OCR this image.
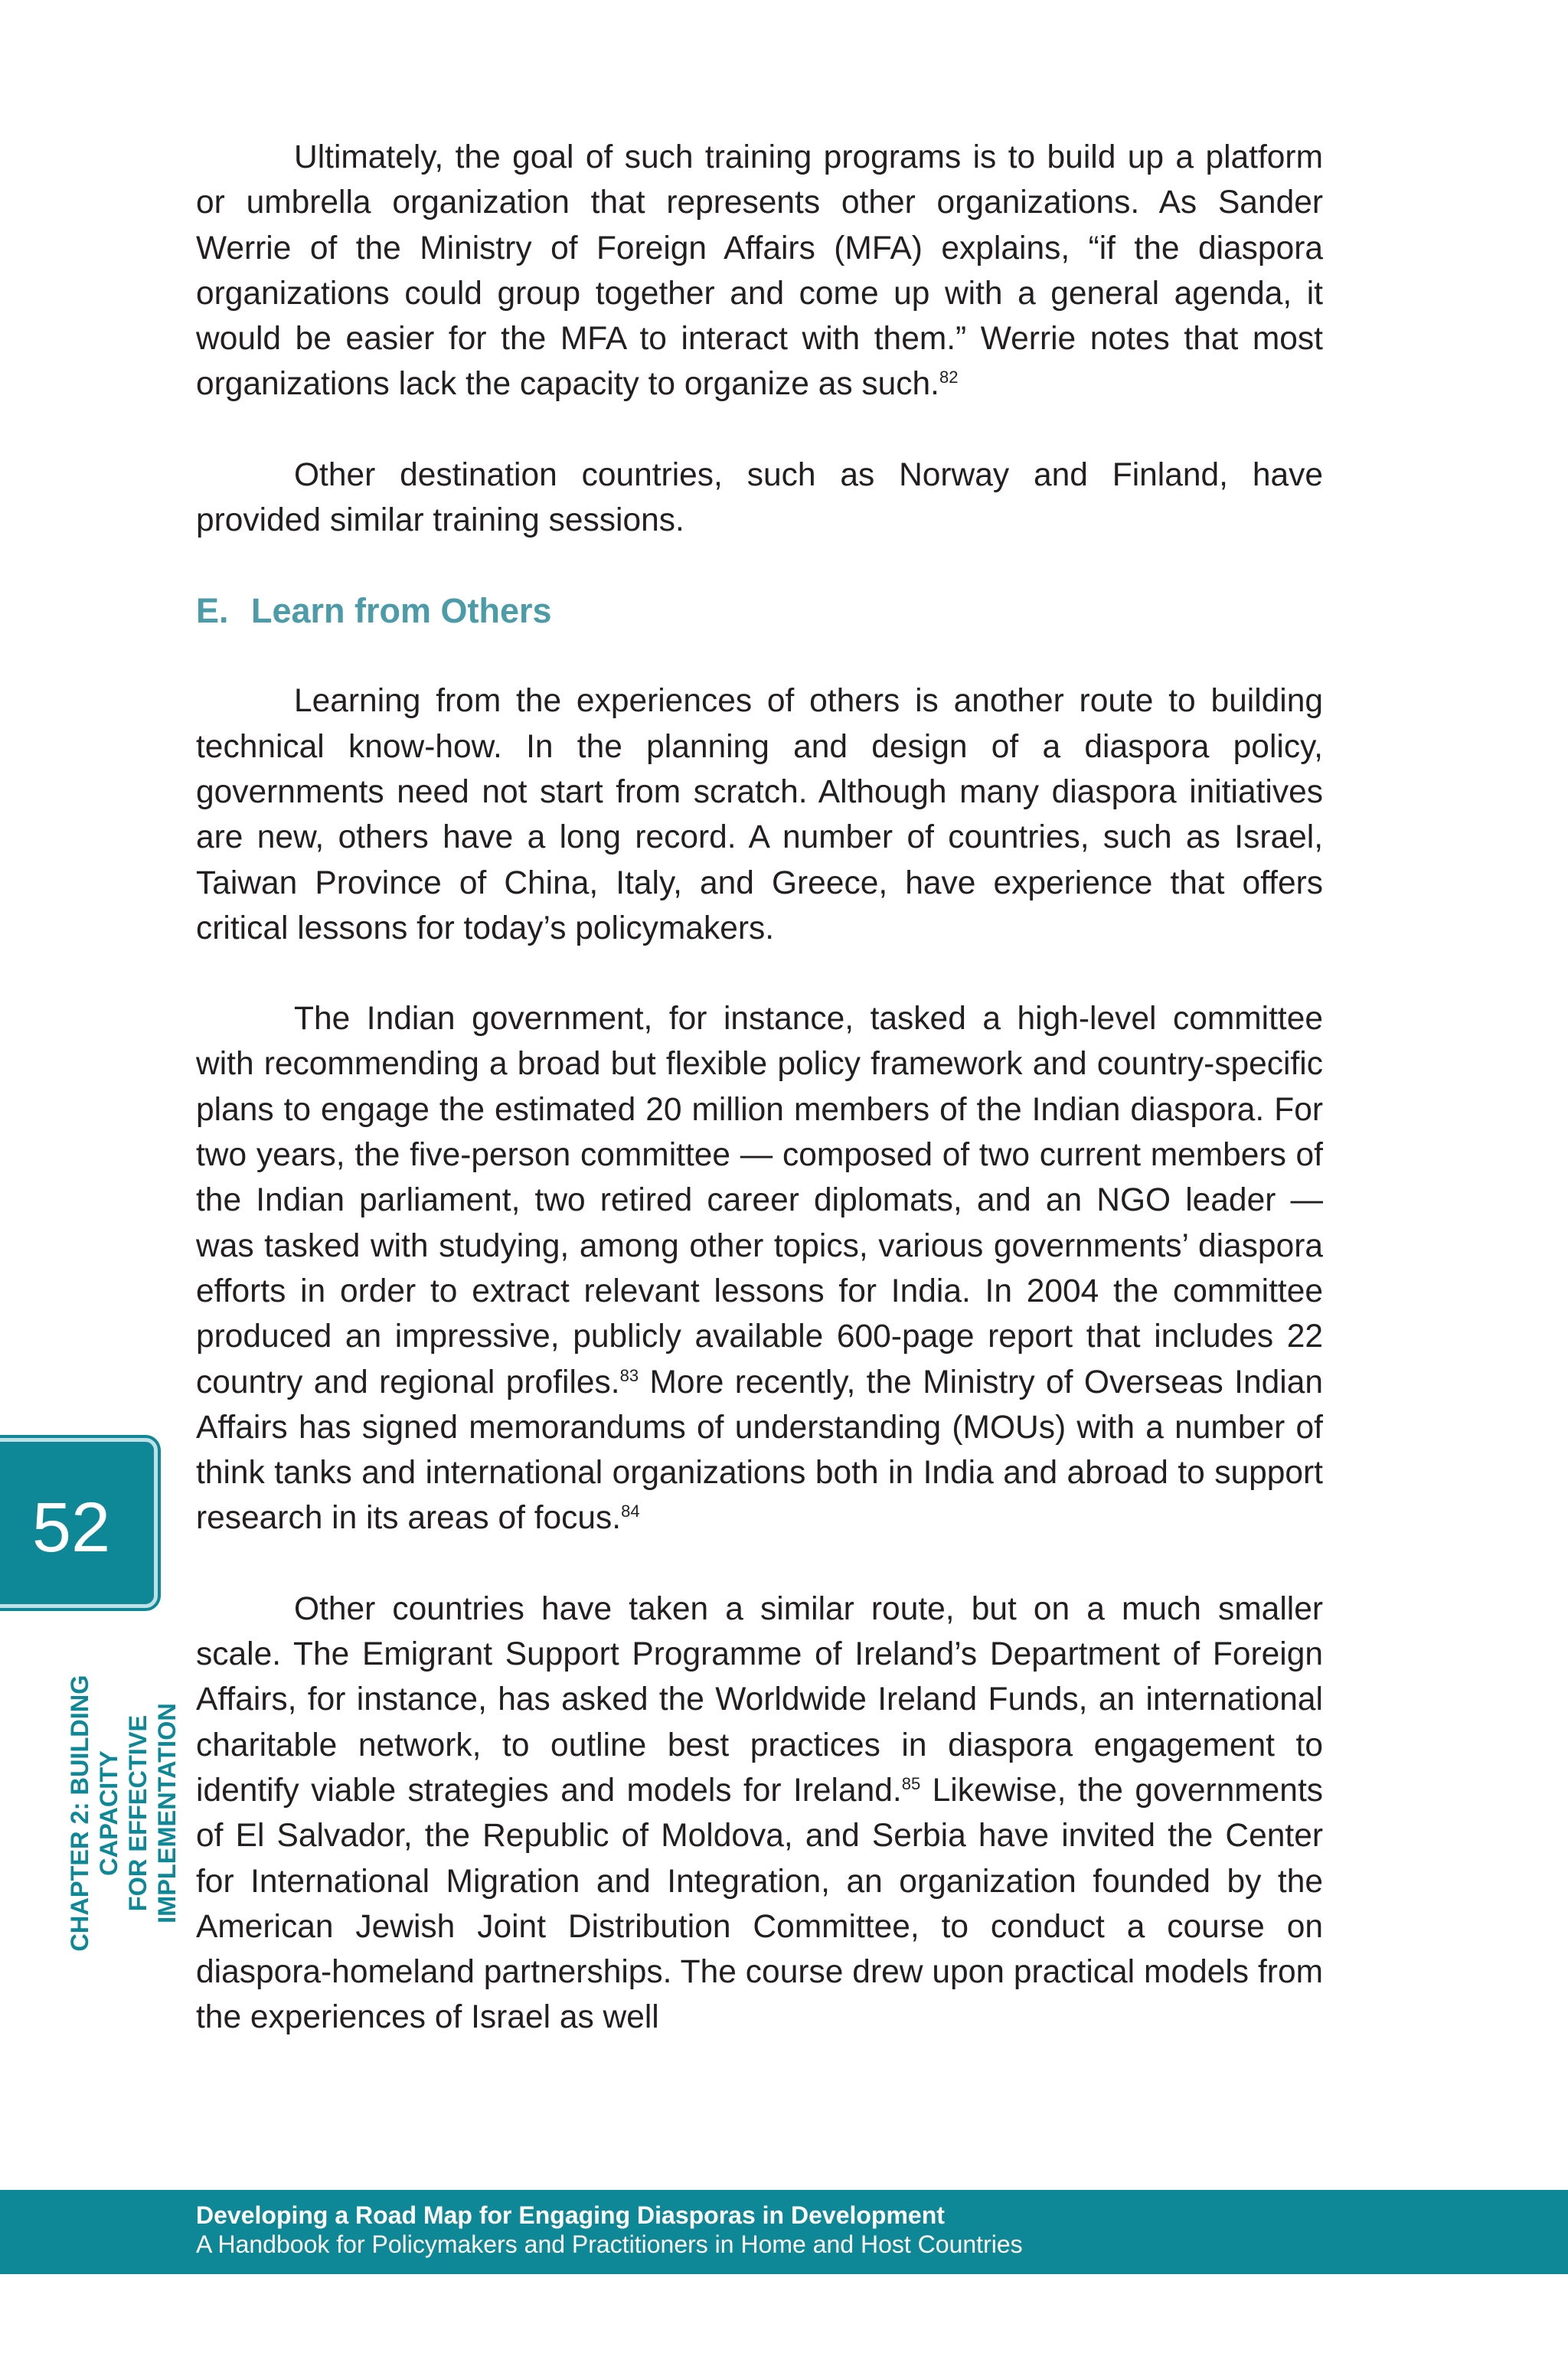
Ultimately, the goal of such training programs is to build up a platform or umbrella organization that represents other organizations. As Sander Werrie of the Ministry of Foreign Affairs (MFA) explains, “if the diaspora organizations could group together and come up with a general agenda, it would be easier for the MFA to interact with them.” Werrie notes that most organizations lack the capacity to organize as such.$^{82}$

Other destination countries, such as Norway and Finland, have provided similar training sessions.

E. Learn from Others

Learning from the experiences of others is another route to building technical know-how. In the planning and design of a diaspora policy, governments need not start from scratch. Although many diaspora initiatives are new, others have a long record. A number of countries, such as Israel, Taiwan Province of China, Italy, and Greece, have experience that offers critical lessons for today’s policymakers.

The Indian government, for instance, tasked a high-level committee with recommending a broad but flexible policy framework and country-specific plans to engage the estimated 20 million members of the Indian diaspora. For two years, the five-person committee — composed of two current members of the Indian parliament, two retired career diplomats, and an NGO leader — was tasked with studying, among other topics, various governments’ diaspora efforts in order to extract relevant lessons for India. In 2004 the committee produced an impressive, publicly available 600-page report that includes 22 country and regional profiles.$^{83}$ More recently, the Ministry of Overseas Indian Affairs has signed memorandums of understanding (MOUs) with a number of think tanks and international organizations both in India and abroad to support research in its areas of focus.$^{84}$

Other countries have taken a similar route, but on a much smaller scale. The Emigrant Support Programme of Ireland’s Department of Foreign Affairs, for instance, has asked the Worldwide Ireland Funds, an international charitable network, to outline best practices in diaspora engagement to identify viable strategies and models for Ireland.$^{85}$ Likewise, the governments of El Salvador, the Republic of Moldova, and Serbia have invited the Center for International Migration and Integration, an organization founded by the American Jewish Joint Distribution Committee, to conduct a course on diaspora-homeland partnerships. The course drew upon practical models from the experiences of Israel as well

52
CHAPTER 2: BUILDING CAPACITY FOR EFFECTIVE IMPLEMENTATION
Developing a Road Map for Engaging Diasporas in Development
A Handbook for Policymakers and Practitioners in Home and Host Countries
